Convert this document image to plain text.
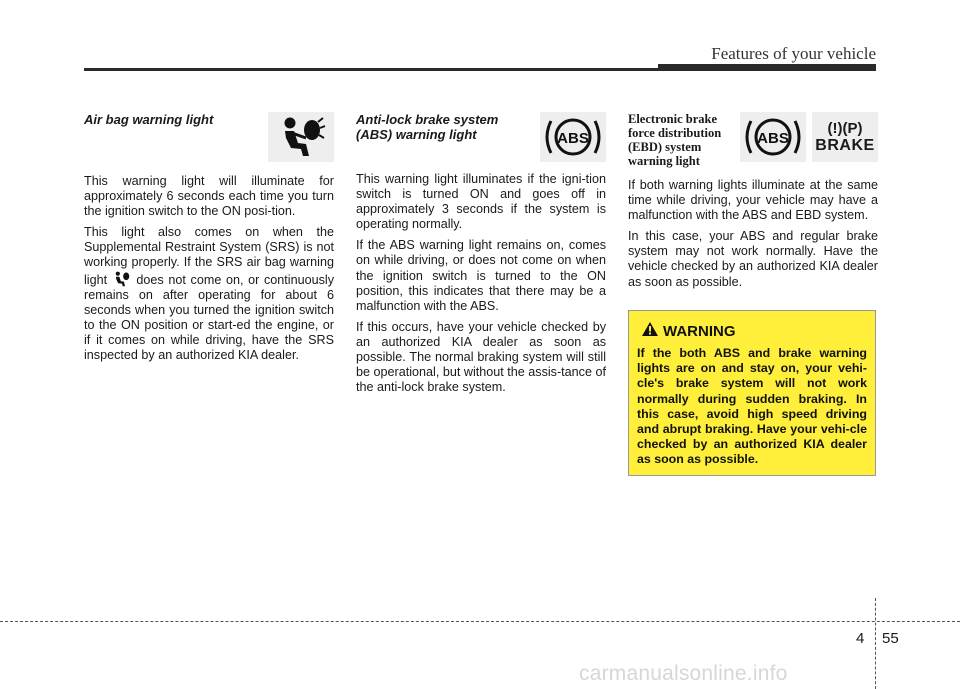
Features of your vehicle
Air bag warning light

This warning light will illuminate for approximately 6 seconds each time you turn the ignition switch to the ON posi-tion.

This light also comes on when the Supplemental Restraint System (SRS) is not working properly. If the SRS air bag warning light does not come on, or continuously remains on after operating for about 6 seconds when you turned the ignition switch to the ON position or start-ed the engine, or if it comes on while driving, have the SRS inspected by an authorized KIA dealer.

Anti-lock brake system
(ABS) warning light	ABS

This warning light illuminates if the igni-tion switch is turned ON and goes off in approximately 3 seconds if the system is operating normally.

If the ABS warning light remains on, comes on while driving, or does not come on when the ignition switch is turned to the ON position, this indicates that there may be a malfunction with the ABS.

If this occurs, have your vehicle checked by an authorized KIA dealer as soon as possible. The normal braking system will still be operational, but without the assis-tance of the anti-lock brake system.

Electronic brake
force distribution
(EBD) system
warning light
ABS
(!)(P)
BRAKE

If both warning lights illuminate at the same time while driving, your vehicle may have a malfunction with the ABS and EBD system.

In this case, your ABS and regular brake system may not work normally. Have the vehicle checked by an authorized KIA dealer as soon as possible.

WARNING
If the both ABS and brake warning lights are on and stay on, your vehi-cle's brake system will not work normally during sudden braking. In this case, avoid high speed driving and abrupt braking. Have your vehi-cle checked by an authorized KIA dealer as soon as possible.
4 55
carmanualsonline.info
